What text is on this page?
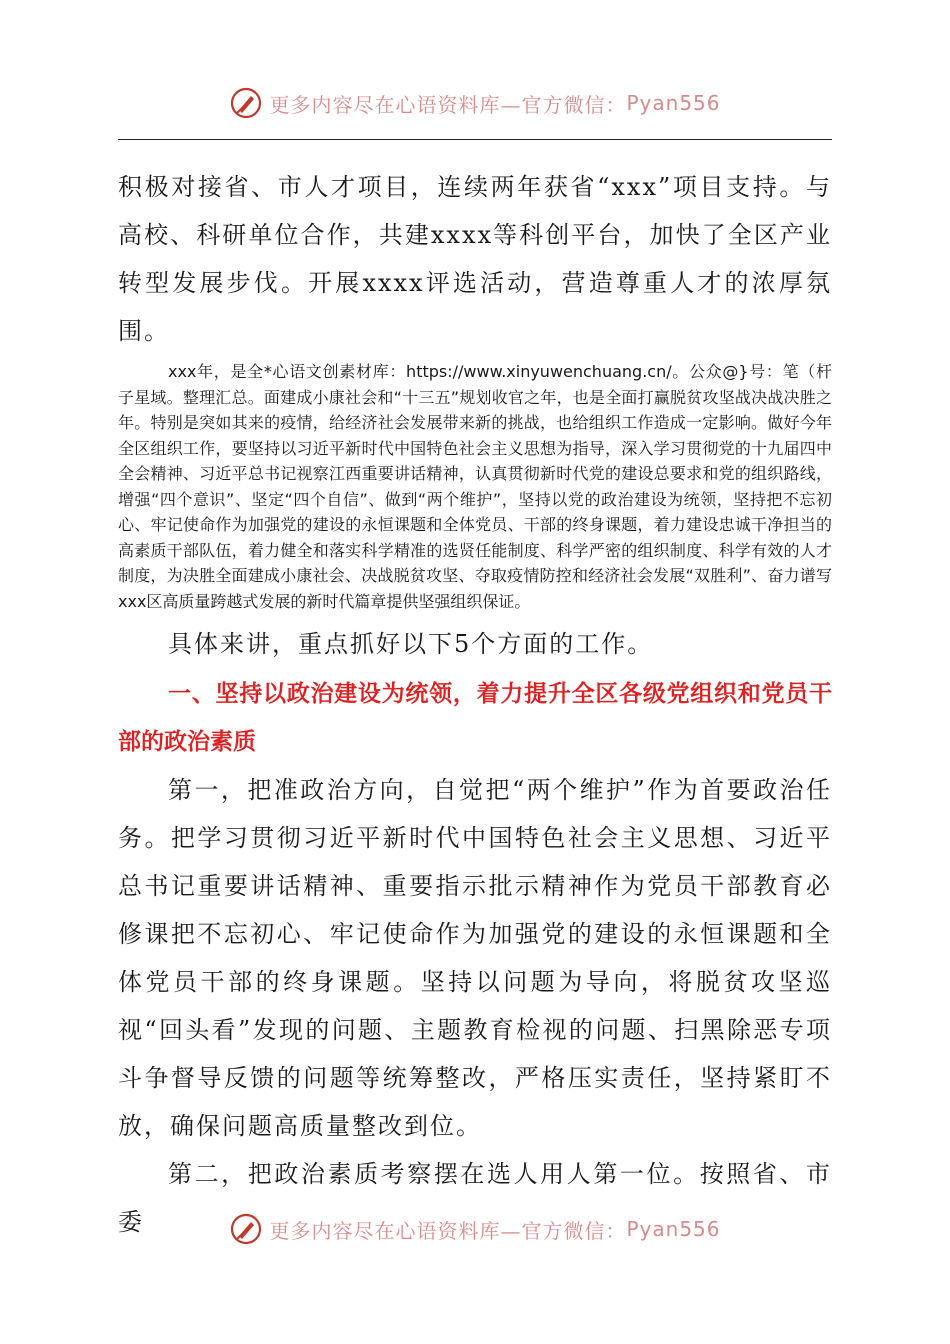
更多内容尽在心语资料库—官方微信： Pyan556

积极对接省、市人才项目，连续两年获省“xxx”项目支持。与高校、科研单位合作，共建xxxx等科创平台，加快了全区产业转型发展步伐。开展xxxx评选活动，营造尊重人才的浓厚氛围。

xxx年，是全*心语文创素材库：https://www.xinyuwenchuang.cn/。公众@}号：笔（杆子星域。整理汇总。面建成小康社会和“十三五”规划收官之年，也是全面打赢脱贫攻坚战决战决胜之年。特别是突如其来的疫情，给经济社会发展带来新的挑战，也给组织工作造成一定影响。做好今年全区组织工作，要坚持以习近平新时代中国特色社会主义思想为指导，深入学习贯彻党的十九届四中全会精神、习近平总书记视察江西重要讲话精神，认真贯彻新时代党的建设总要求和党的组织路线，增强“四个意识”、坚定“四个自信”、做到“两个维护”，坚持以党的政治建设为统领，坚持把不忘初心、牢记使命作为加强党的建设的永恒课题和全体党员、干部的终身课题，着力建设忠诚干净担当的高素质干部队伍，着力健全和落实科学精准的选贤任能制度、科学严密的组织制度、科学有效的人才制度，为决胜全面建成小康社会、决战脱贫攻坚、夺取疫情防控和经济社会发展“双胜利”、奋力谱写xxx区高质量跨越式发展的新时代篇章提供坚强组织保证。

具体来讲，重点抓好以下5个方面的工作。

一、坚持以政治建设为统领，着力提升全区各级党组织和党员干部的政治素质

第一，把准政治方向，自觉把“两个维护”作为首要政治任务。把学习贯彻习近平新时代中国特色社会主义思想、习近平总书记重要讲话精神、重要指示批示精神作为党员干部教育必修课把不忘初心、牢记使命作为加强党的建设的永恒课题和全体党员干部的终身课题。坚持以问题为导向，将脱贫攻坚巡视“回头看”发现的问题、主题教育检视的问题、扫黑除恶专项斗争督导反馈的问题等统筹整改，严格压实责任，坚持紧盯不放，确保问题高质量整改到位。

第二，把政治素质考察摆在选人用人第一位。按照省、市委	更多内容尽在心语资料库—官方微信： Pyan556
